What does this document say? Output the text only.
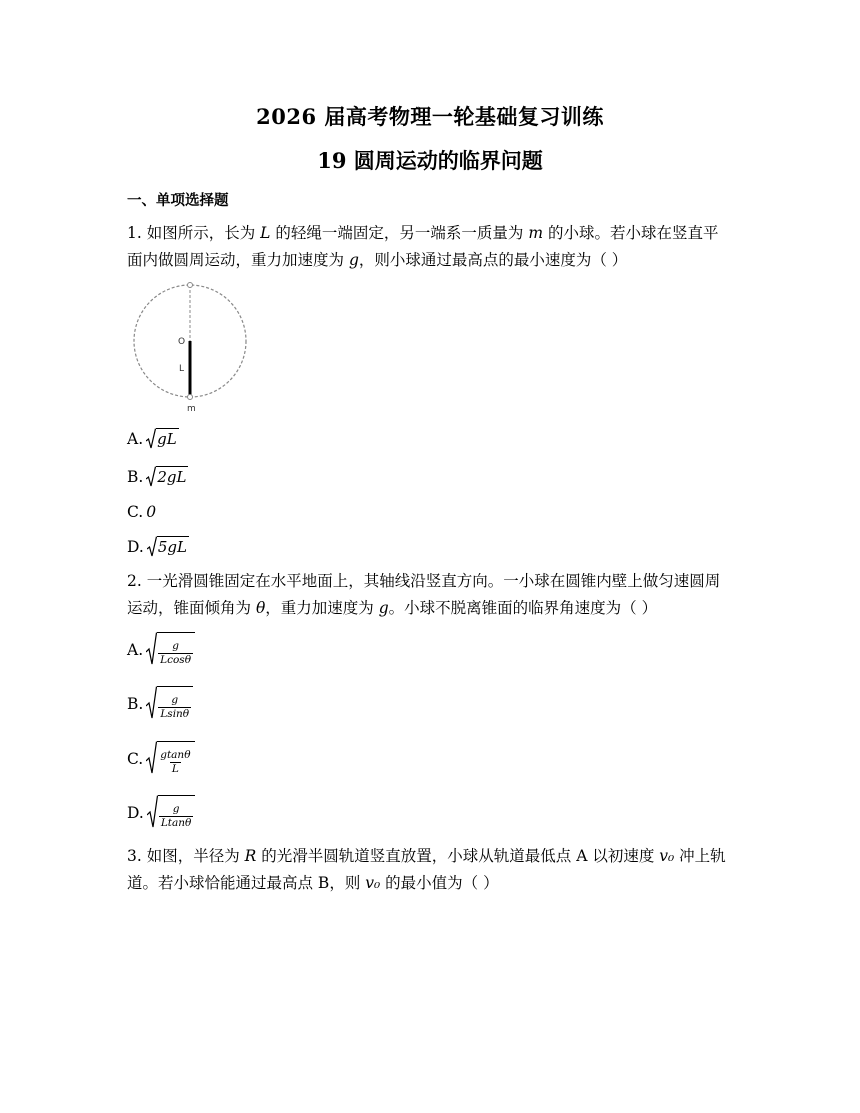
2026 届高考物理一轮基础复习训练
19 圆周运动的临界问题
一、单项选择题
1. 如图所示，长为 L 的轻绳一端固定，另一端系一质量为 m 的小球。若小球在竖直平面内做圆周运动，重力加速度为 g，则小球通过最高点的最小速度为（ ）
O
L
m
A. gL
B. 2gL
C. 0
D. 5gL
2. 一光滑圆锥固定在水平地面上，其轴线沿竖直方向。一小球在圆锥内壁上做匀速圆周运动，锥面倾角为 θ，重力加速度为 g。小球不脱离锥面的临界角速度为（ ）
A. $\frac{g}{Lcos\theta}$
B. $\frac{g}{Lsin\theta}$
C. $\frac{gtan\theta}{L}$
D. $\frac{g}{Ltan\theta}$
3. 如图，半径为 R 的光滑半圆轨道竖直放置，小球从轨道最低点 A 以初速度 v₀ 冲上轨道。若小球恰能通过最高点 B，则 v₀ 的最小值为（ ）
